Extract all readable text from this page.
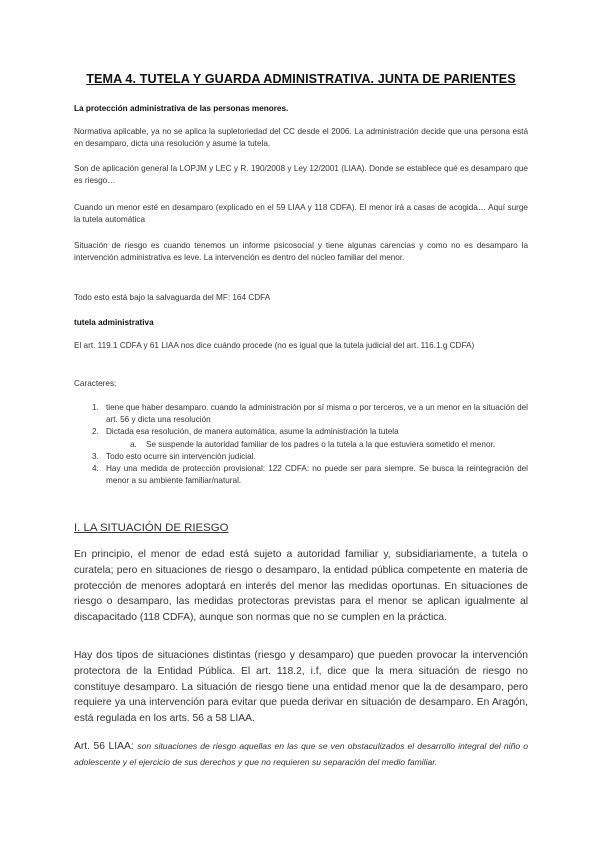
TEMA 4. TUTELA Y GUARDA ADMINISTRATIVA. JUNTA DE PARIENTES
La protección administrativa de las personas menores.
Normativa aplicable, ya no se aplica la supletoriedad del CC desde el 2006. La administración decide que una persona está en desamparo, dicta una resolución y asume la tutela.
Son de aplicación general la LOPJM y LEC y R. 190/2008 y Ley 12/2001 (LIAA). Donde se establece qué es desamparo que es riesgo…
Cuando un menor esté en desamparo (explicado en el 59 LIAA y 118 CDFA). El menor irá a casas de acogida… Aquí surge la tutela automática
Situación de riesgo es cuando tenemos un informe psicosocial y tiene algunas carencias y como no es desamparo la intervención administrativa es leve. La intervención es dentro del núcleo familiar del menor.
Todo esto está bajo la salvaguarda del MF: 164 CDFA
tutela administrativa
El art. 119.1 CDFA y 61 LIAA nos dice cuándo procede (no es igual que la tutela judicial del art. 116.1.g CDFA)
Caracteres:
1. tiene que haber desamparo. cuando la administración por sí misma o por terceros, ve a un menor en la situación del art. 56 y dicta una resolución
2. Dictada esa resolución, de manera automática, asume la administración la tutela
a. Se suspende la autoridad familiar de los padres o la tutela a la que estuviera sometido el menor.
3. Todo esto ocurre sin intervención judicial.
4. Hay una medida de protección provisional: 122 CDFA: no puede ser para siempre. Se busca la reintegración del menor a su ambiente familiar/natural.
I. LA SITUACIÓN DE RIESGO
En principio, el menor de edad está sujeto a autoridad familiar y, subsidiariamente, a tutela o curatela; pero en situaciones de riesgo o desamparo, la entidad pública competente en materia de protección de menores adoptará en interés del menor las medidas oportunas. En situaciones de riesgo o desamparo, las medidas protectoras previstas para el menor se aplican igualmente al discapacitado (118 CDFA), aunque son normas que no se cumplen en la práctica.
Hay dos tipos de situaciones distintas (riesgo y desamparo) que pueden provocar la intervención protectora de la Entidad Pública. El art. 118.2, i.f, dice que la mera situación de riesgo no constituye desamparo. La situación de riesgo tiene una entidad menor que la de desamparo, pero requiere ya una intervención para evitar que pueda derivar en situación de desamparo. En Aragón, está regulada en los arts. 56 a 58 LIAA.
Art. 56 LIAA: son situaciones de riesgo aquellas en las que se ven obstaculizados el desarrollo integral del niño o adolescente y el ejercicio de sus derechos y que no requieren su separación del medio familiar.
